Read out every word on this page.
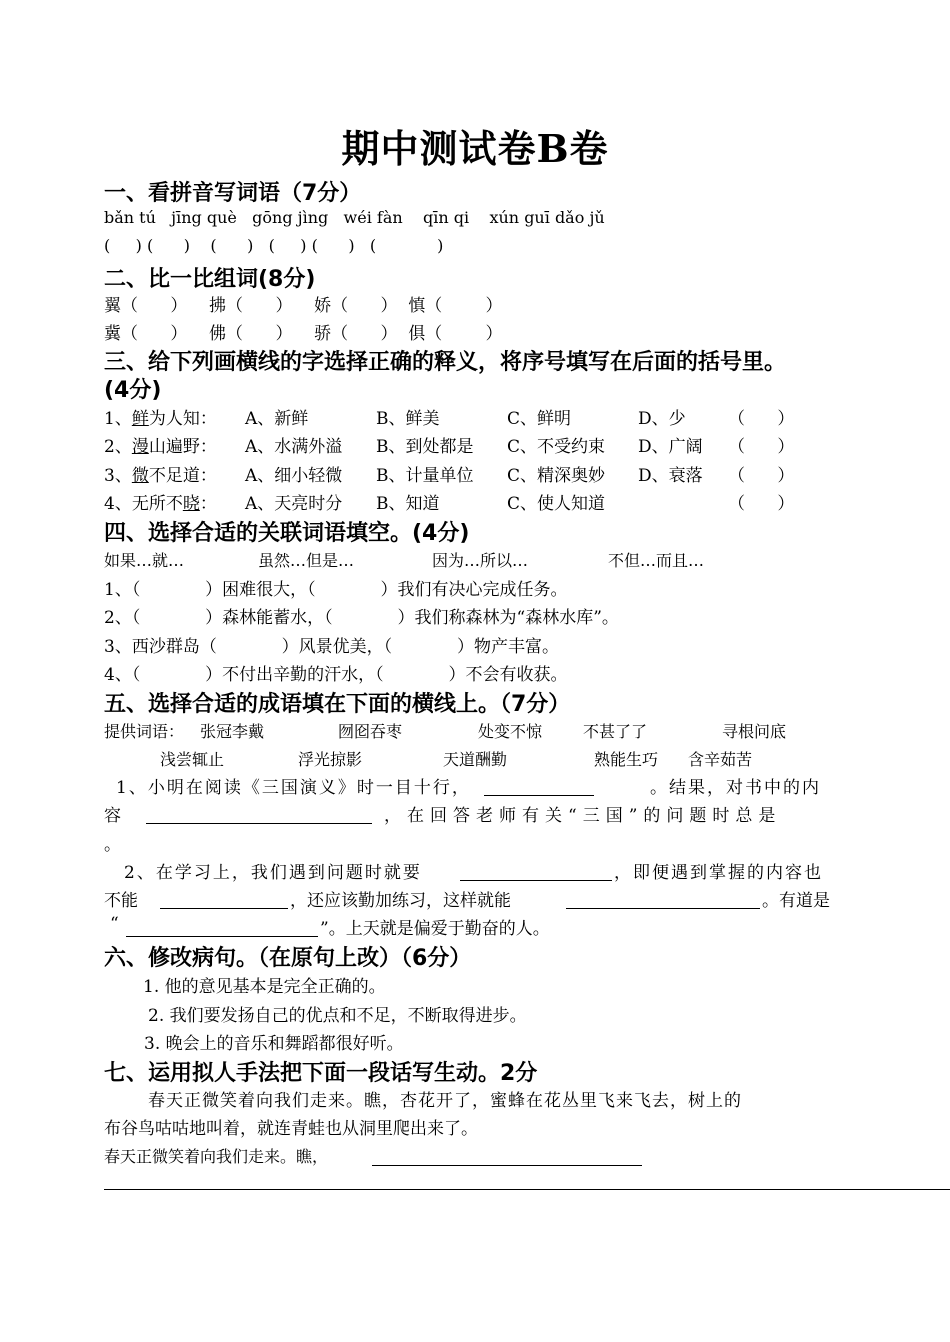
期中测试卷B卷
一、看拼音写词语（7分）
bǎn tú   jīng què   gōng jìng   wéi fàn    qīn qi    xún guī dǎo jǔ
(     ) (      )    (      )   (     ) (      )   (            )
二、比一比组词(8分)
翼（      ）    拂（      ）    娇（      ）  慎（        ）
冀（      ）    佛（      ）    骄（      ）  俱（        ）
三、给下列画横线的字选择正确的释义，将序号填写在后面的括号里。
(4分)
1、鲜为人知： A、新鲜	B、鲜美	C、鲜明	D、少 （      ）
2、漫山遍野： A、水满外溢 B、到处都是 C、不受约束 D、广阔 （      ）
3、微不足道： A、细小轻微 B、计量单位 C、精深奥妙 D、衰落 （      ）
4、无所不晓： A、天亮时分 B、知道	C、使人知道	（      ）
四、选择合适的关联词语填空。(4分)
如果…就…	虽然…但是…	因为…所以…	不但…而且…
1、（            ）困难很大，（            ）我们有决心完成任务。
2、（            ）森林能蓄水，（            ）我们称森林为“森林水库”。
3、西沙群岛（            ）风景优美，（            ）物产丰富。
4、（            ）不付出辛勤的汗水，（            ）不会有收获。
五、选择合适的成语填在下面的横线上。（7分）
提供词语： 张冠李戴	囫囵吞枣	处变不惊	不甚了了	寻根问底
浅尝辄止	浮光掠影	天道酬勤	熟能生巧 含辛茹苦
1、小明在阅读《三国演义》时一目十行，	。结果，对书中的内
容	，在回答老师有关“三国”的问题时总是
。
2、在学习上，我们遇到问题时就要	，即便遇到掌握的内容也
不能	，还应该勤加练习，这样就能	。有道是
“	”。上天就是偏爱于勤奋的人。
六、修改病句。（在原句上改）（6分）
1. 他的意见基本是完全正确的。
2. 我们要发扬自己的优点和不足，不断取得进步。
3. 晚会上的音乐和舞蹈都很好听。
七、运用拟人手法把下面一段话写生动。2分
春天正微笑着向我们走来。瞧，杏花开了，蜜蜂在花丛里飞来飞去，树上的
布谷鸟咕咕地叫着，就连青蛙也从洞里爬出来了。
春天正微笑着向我们走来。瞧，
